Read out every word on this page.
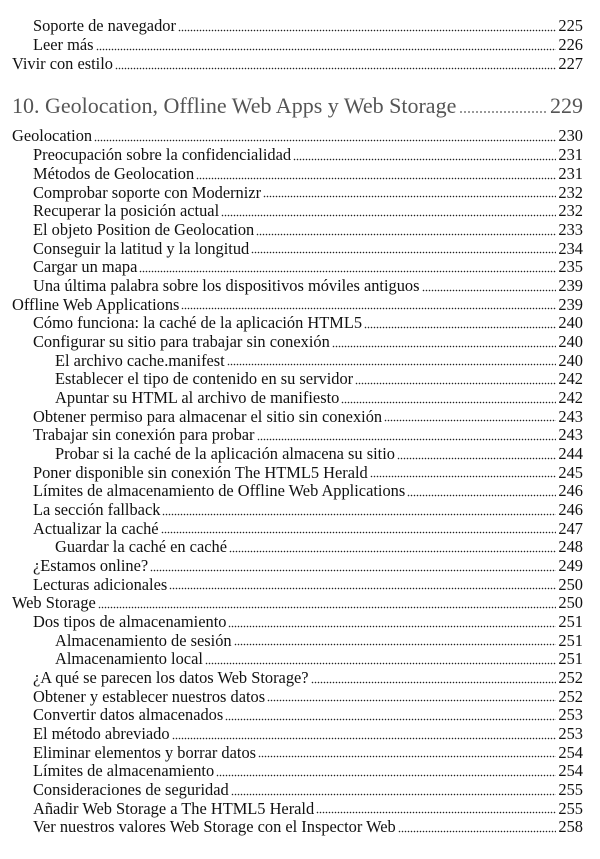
Soporte de navegador	225
Leer más	226
Vivir con estilo	227
10. Geolocation, Offline Web Apps y Web Storage	229
Geolocation	230
Preocupación sobre la confidencialidad	231
Métodos de Geolocation	231
Comprobar soporte con Modernizr	232
Recuperar la posición actual	232
El objeto Position de Geolocation	233
Conseguir la latitud y la longitud	234
Cargar un mapa	235
Una última palabra sobre los dispositivos móviles antiguos	239
Offline Web Applications	239
Cómo funciona: la caché de la aplicación HTML5	240
Configurar su sitio para trabajar sin conexión	240
El archivo cache.manifest	240
Establecer el tipo de contenido en su servidor	242
Apuntar su HTML al archivo de manifiesto	242
Obtener permiso para almacenar el sitio sin conexión	243
Trabajar sin conexión para probar	243
Probar si la caché de la aplicación almacena su sitio	244
Poner disponible sin conexión The HTML5 Herald	245
Límites de almacenamiento de Offline Web Applications	246
La sección fallback	246
Actualizar la caché	247
Guardar la caché en caché	248
¿Estamos online?	249
Lecturas adicionales	250
Web Storage	250
Dos tipos de almacenamiento	251
Almacenamiento de sesión	251
Almacenamiento local	251
¿A qué se parecen los datos Web Storage?	252
Obtener y establecer nuestros datos	252
Convertir datos almacenados	253
El método abreviado	253
Eliminar elementos y borrar datos	254
Límites de almacenamiento	254
Consideraciones de seguridad	255
Añadir Web Storage a The HTML5 Herald	255
Ver nuestros valores Web Storage con el Inspector Web	258
